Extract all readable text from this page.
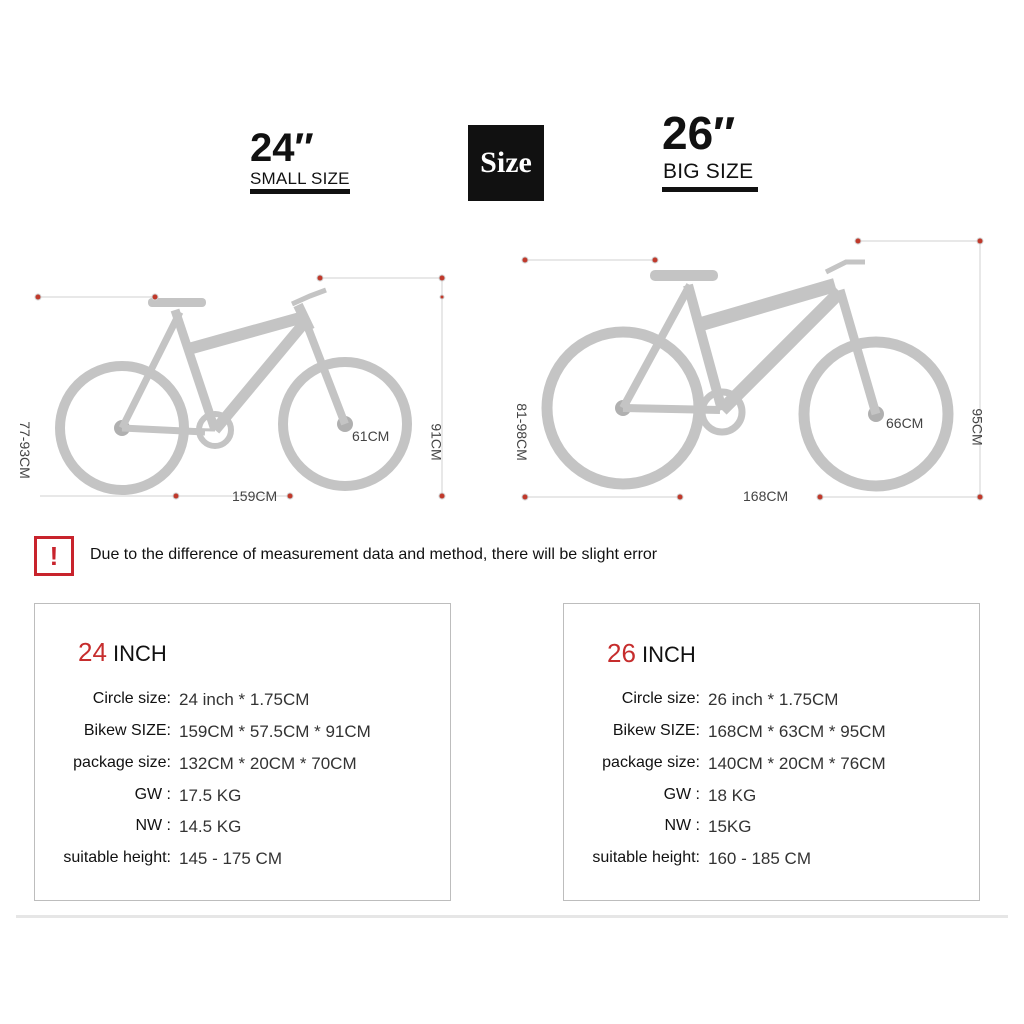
24″
SMALL SIZE	Size
26″
BIG SIZE
77-93CM
159CM
61CM	91CM	81-98CM
168CM
66CM	95CM
!	Due to the difference of measurement data and method, there will be slight error
24 INCH
Circle size: 24 inch * 1.75CM
Bikew SIZE: 159CM * 57.5CM * 91CM
package size: 132CM * 20CM * 70CM
GW : 17.5 KG
NW : 14.5 KG
suitable height: 145 - 175 CM
26 INCH
Circle size: 26 inch * 1.75CM
Bikew SIZE: 168CM * 63CM * 95CM
package size: 140CM * 20CM * 76CM
GW : 18 KG
NW : 15KG
suitable height: 160 - 185 CM
